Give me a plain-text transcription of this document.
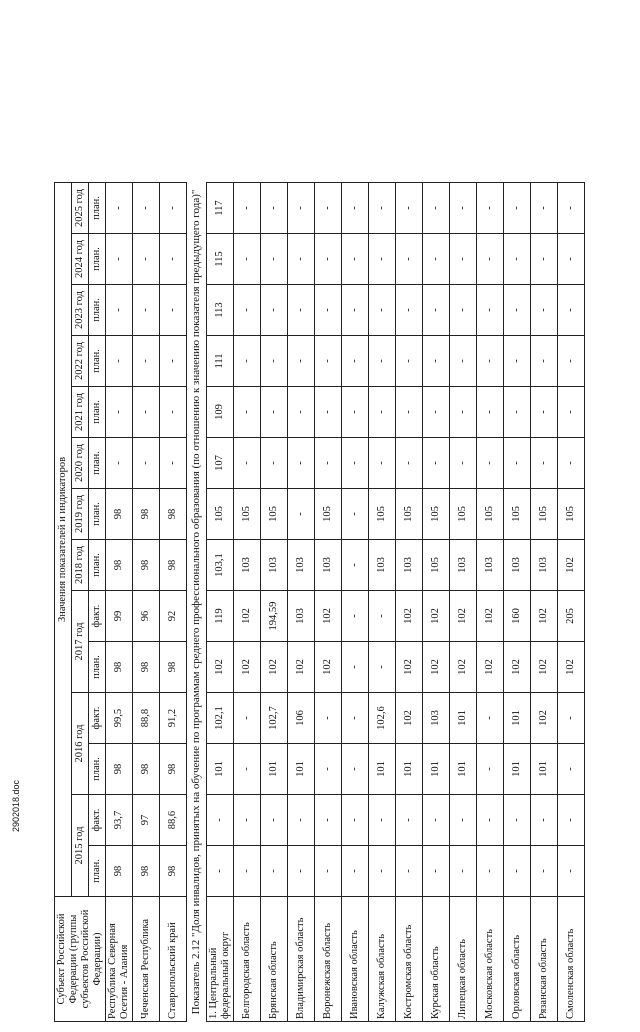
Субъект Российской Федерации (группы субъектов Российской Федерации)	Значения показателей и индикаторов													
	2015 год		2016 год		2017 год		2018 год	2019 год	2020 год	2021 год	2022 год	2023 год	2024 год	2025 год
	план.	факт.	план.	факт.	план.	факт.	план.	план.	план.	план.	план.	план.	план.	план.
Республика Северная Осетия - Алания	98	93,7	98	99,5	98	99	98	98	-	-	-	-	-	-
Чеченская Республика	98	97	98	88,8	98	96	98	98	-	-	-	-	-	-
Ставропольский край	98	88,6	98	91,2	98	92	98	98	-	-	-	-	-	-
Показатель 2.12 "Доля инвалидов, принятых на обучение по программам среднего профессионального образования (по отношению к значению показателя предыдущего года)"														
1. Центральный федеральный округ	-	-	101	102,1	102	119	103,1	105	107	109	111	113	115	117
Белгородская область	-	-	-	-	102	102	103	105	-	-	-	-	-	-
Брянская область	-	-	101	102,7	102	194,59	103	105	-	-	-	-	-	-
Владимирская область	-	-	101	106	102	103	103	-	-	-	-	-	-	-
Воронежская область	-	-	-	-	102	102	103	105	-	-	-	-	-	-
Ивановская область	-	-	-	-	-	-	-	-	-	-	-	-	-	-
Калужская область	-	-	101	102,6	-	-	103	105	-	-	-	-	-	-
Костромская область	-	-	101	102	102	102	103	105	-	-	-	-	-	-
Курская область	-	-	101	103	102	102	105	105	-	-	-	-	-	-
Липецкая область	-	-	101	101	102	102	103	105	-	-	-	-	-	-
Московская область	-	-	-	-	102	102	103	105	-	-	-	-	-	-
Орловская область	-	-	101	101	102	160	103	105	-	-	-	-	-	-
Рязанская область	-	-	101	102	102	102	103	105	-	-	-	-	-	-
Смоленская область	-	-	-	-	102	205	102	105	-	-	-	-	-	-
2902018.doc
